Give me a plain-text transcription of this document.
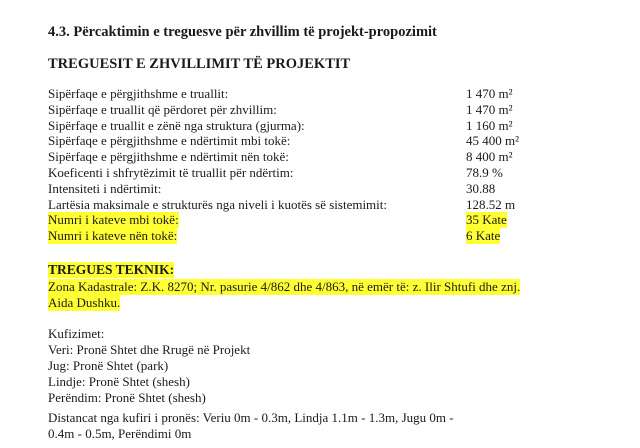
4.3. Përcaktimin e treguesve për zhvillim të projekt-propozimit
TREGUESIT E ZHVILLIMIT TË PROJEKTIT
Sipërfaqe e përgjithshme e truallit:	1 470 m²
Sipërfaqe e truallit që përdoret për zhvillim:	1 470 m²
Sipërfaqe e truallit e zënë nga struktura (gjurma):	1 160 m²
Sipërfaqe e përgjithshme e ndërtimit mbi tokë:	45 400 m²
Sipërfaqe e përgjithshme e ndërtimit nën tokë:	8 400 m²
Koeficenti i shfrytëzimit të truallit për ndërtim:	78.9 %
Intensiteti i ndërtimit:	30.88
Lartësia maksimale e strukturës nga niveli i kuotës së sistemimit:	128.52 m
Numri i kateve mbi tokë:	35 Kate
Numri i kateve nën tokë:	6 Kate
TREGUES TEKNIK:
Zona Kadastrale: Z.K. 8270; Nr. pasurie 4/862 dhe 4/863, në emër të: z. Ilir Shtufi dhe znj.
Aida Dushku.
Kufizimet:
Veri: Pronë Shtet dhe Rrugë në Projekt
Jug: Pronë Shtet (park)
Lindje: Pronë Shtet (shesh)
Perëndim: Pronë Shtet (shesh)
Distancat nga kufiri i pronës: Veriu 0m - 0.3m, Lindja 1.1m - 1.3m, Jugu 0m -
0.4m - 0.5m, Perëndimi 0m
